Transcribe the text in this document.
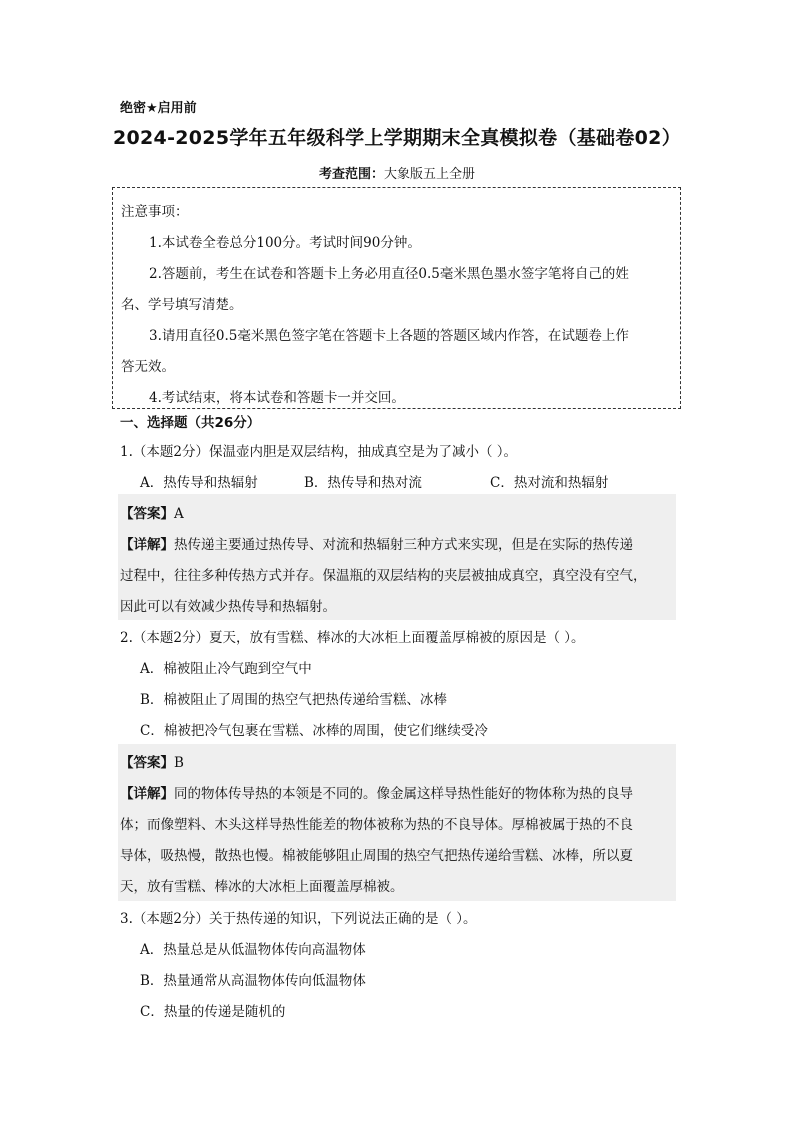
绝密★启用前
2024-2025学年五年级科学上学期期末全真模拟卷（基础卷02）
考查范围：大象版五上全册
注意事项：
1.本试卷全卷总分100分。考试时间90分钟。
2.答题前，考生在试卷和答题卡上务必用直径0.5毫米黑色墨水签字笔将自己的姓
名、学号填写清楚。
3.请用直径0.5毫米黑色签字笔在答题卡上各题的答题区域内作答，在试题卷上作
答无效。
4.考试结束，将本试卷和答题卡一并交回。
一、选择题（共26分）
1.（本题2分）保温壶内胆是双层结构，抽成真空是为了减小（ ）。
A．热传导和热辐射	B．热传导和热对流	C．热对流和热辐射
【答案】A
【详解】热传递主要通过热传导、对流和热辐射三种方式来实现，但是在实际的热传递
过程中，往往多种传热方式并存。保温瓶的双层结构的夹层被抽成真空，真空没有空气，
因此可以有效减少热传导和热辐射。
2.（本题2分）夏天，放有雪糕、棒冰的大冰柜上面覆盖厚棉被的原因是（ ）。
A．棉被阻止冷气跑到空气中
B．棉被阻止了周围的热空气把热传递给雪糕、冰棒
C．棉被把冷气包裹在雪糕、冰棒的周围，使它们继续受冷
【答案】B
【详解】同的物体传导热的本领是不同的。像金属这样导热性能好的物体称为热的良导
体；而像塑料、木头这样导热性能差的物体被称为热的不良导体。厚棉被属于热的不良
导体，吸热慢，散热也慢。棉被能够阻止周围的热空气把热传递给雪糕、冰棒，所以夏
天，放有雪糕、棒冰的大冰柜上面覆盖厚棉被。
3.（本题2分）关于热传递的知识，下列说法正确的是（ ）。
A．热量总是从低温物体传向高温物体
B．热量通常从高温物体传向低温物体
C．热量的传递是随机的
